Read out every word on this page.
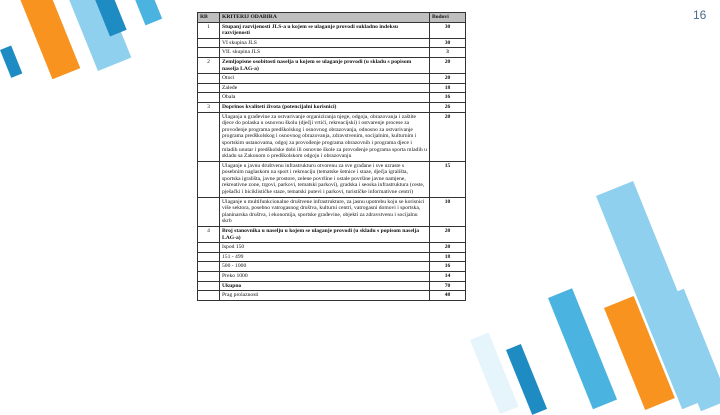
16
RB	KRITERIJ ODABIRA	Bodovi
1	Stupanj razvijenosti JLS-a u kojem se ulaganje provodi sukladno indeksu razvijenosti	30
	VI skupina JLS	30
	VII. skupina JLS	3
2	Zemljopisne osobitosti naselja u kojem se ulaganje provodi (u skladu s popisom naselja LAG-a)	20
	Otoci	20
	Zaleđe	18
	Obala	16
3	Doprinos kvaliteti života (potencijalni korisnici)	26
	Ulaganja u građevine za ostvarivanje organiziranja njege, odgoja, obrazovanja i zaštite djece do polaska u osnovnu školu (dječji vrtići, rekreacijski) i ostvarenje procese za provođenje programa predškolskog i osnovnog obrazovanja, odnosno za ostvarivanje programa predškolskog i osnovnog obrazovanja, zdravstvenim, socijalnim, kulturnim i sportskim ustanovama, odgoj za provođenje programa obrazovnih i programa djece i mladih unutar i predškolske dobi ili osnovne škole za provođenje programa sporta mladih u skladu sa Zakonom o predškolskom odgoju i obrazovanju	20
	Ulaganje u javnu društvenu infrastrukturu otvorenu za sve građane i sve uzraste s posebnim naglaskom na sport i rekreaciju (tematske šetnice i staze, dječja igrališta, sportska igrališta, javne prostore, zelene površine i ostale površine javne namjene, rekreativne zone, trgovi, parkovi, tematski parkovi), gradska i seoska infrastruktura (ceste, pješački i biciklističke staze, tematski putevi i parkovi, turističke informativne centri)	15
	Ulaganje u multifunkcionalne društvene infrastrukture, za jasnu upotrebu koju se korisnici više sektora, posebno vatrogasnog društva, kulturni centri, vatrogasni domovi i sportska, planinarska društva, i ekonomija, sportske građevine, objekti za zdravstvenu i socijalnu skrb	10
4	Broj stanovnika u naselju u kojem se ulaganje provodi (u skladu s popisom naselja LAG-a)	20
	Ispod 150	20
	151 - 499	18
	500 - 1000	16
	Preko 1000	14
	Ukupno	70
	Prag prolaznosti	48
